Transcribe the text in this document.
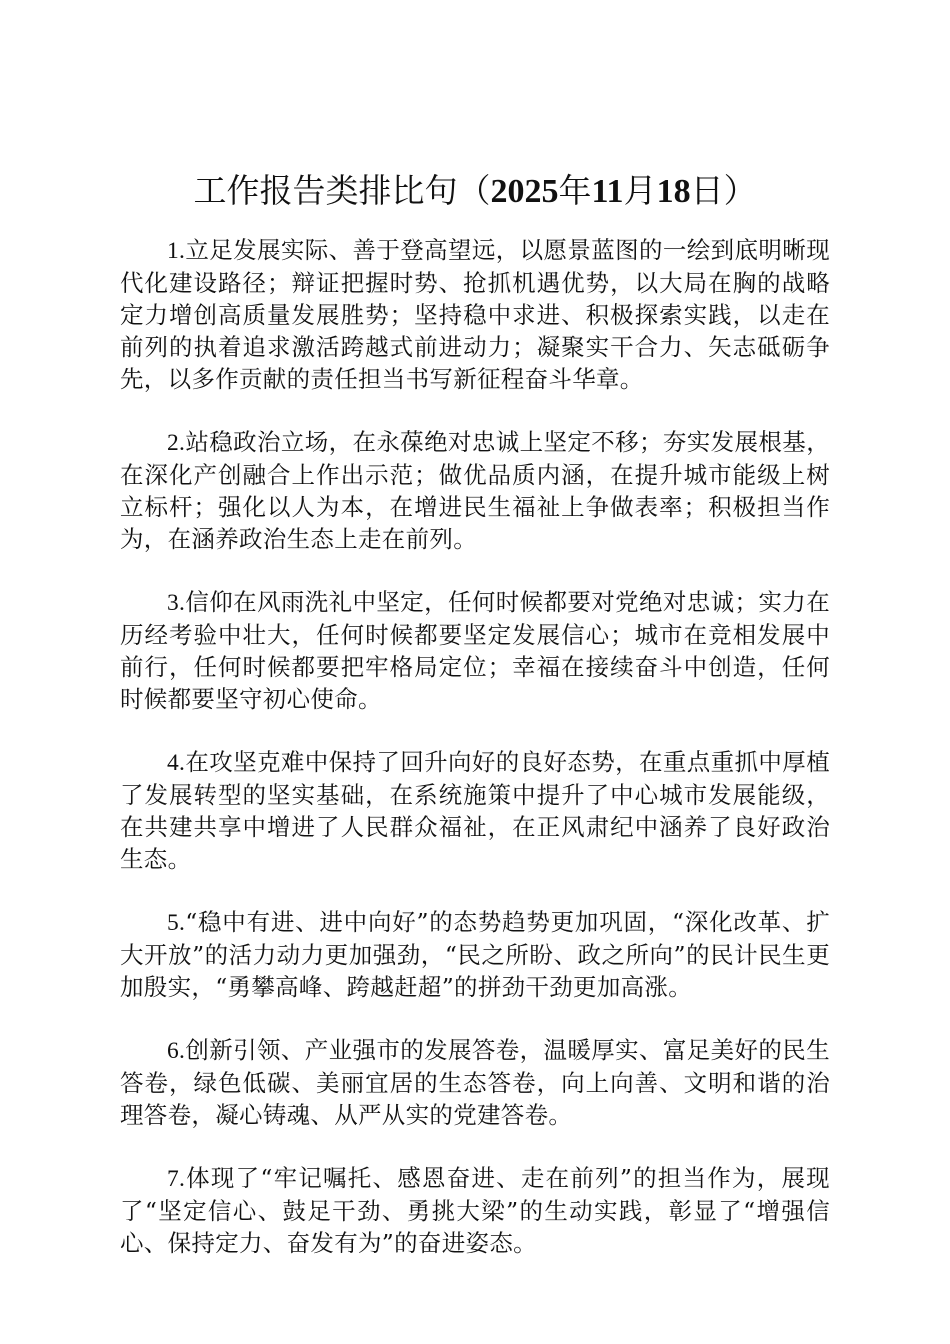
工作报告类排比句（2025年11月18日）

1.立足发展实际、善于登高望远，以愿景蓝图的一绘到底明晰现代化建设路径；辩证把握时势、抢抓机遇优势，以大局在胸的战略定力增创高质量发展胜势；坚持稳中求进、积极探索实践，以走在前列的执着追求激活跨越式前进动力；凝聚实干合力、矢志砥砺争先，以多作贡献的责任担当书写新征程奋斗华章。

2.站稳政治立场，在永葆绝对忠诚上坚定不移；夯实发展根基，在深化产创融合上作出示范；做优品质内涵，在提升城市能级上树立标杆；强化以人为本，在增进民生福祉上争做表率；积极担当作为，在涵养政治生态上走在前列。

3.信仰在风雨洗礼中坚定，任何时候都要对党绝对忠诚；实力在历经考验中壮大，任何时候都要坚定发展信心；城市在竞相发展中前行，任何时候都要把牢格局定位；幸福在接续奋斗中创造，任何时候都要坚守初心使命。

4.在攻坚克难中保持了回升向好的良好态势，在重点重抓中厚植了发展转型的坚实基础，在系统施策中提升了中心城市发展能级，在共建共享中增进了人民群众福祉，在正风肃纪中涵养了良好政治生态。

5.“稳中有进、进中向好”的态势趋势更加巩固，“深化改革、扩大开放”的活力动力更加强劲，“民之所盼、政之所向”的民计民生更加殷实，“勇攀高峰、跨越赶超”的拼劲干劲更加高涨。

6.创新引领、产业强市的发展答卷，温暖厚实、富足美好的民生答卷，绿色低碳、美丽宜居的生态答卷，向上向善、文明和谐的治理答卷，凝心铸魂、从严从实的党建答卷。

7.体现了“牢记嘱托、感恩奋进、走在前列”的担当作为，展现了“坚定信心、鼓足干劲、勇挑大梁”的生动实践，彰显了“增强信心、保持定力、奋发有为”的奋进姿态。
